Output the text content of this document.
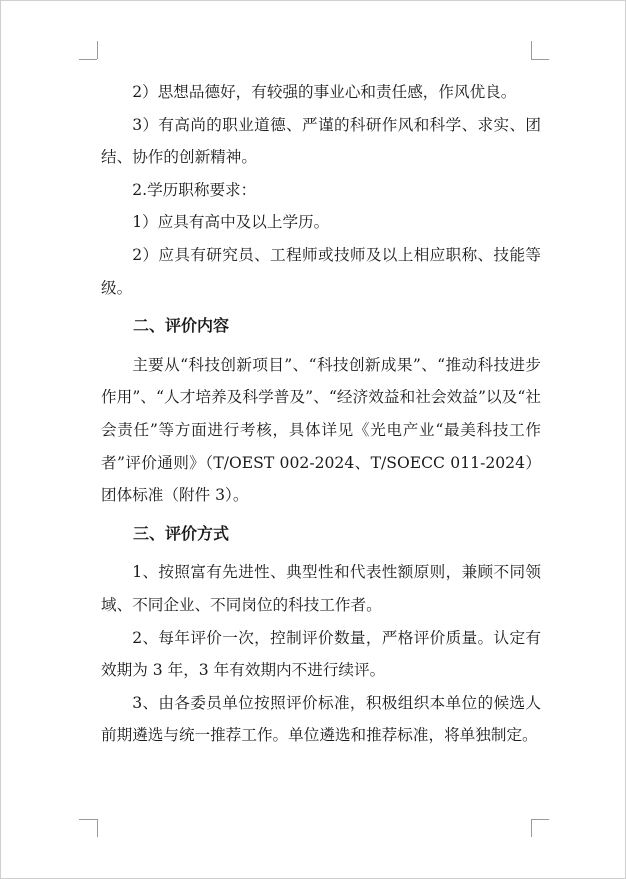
2）思想品德好，有较强的事业心和责任感，作风优良。

3）有高尚的职业道德、严谨的科研作风和科学、求实、团结、协作的创新精神。

2.学历职称要求：

1）应具有高中及以上学历。

2）应具有研究员、工程师或技师及以上相应职称、技能等级。

二、评价内容

主要从“科技创新项目”、“科技创新成果”、“推动科技进步作用”、“人才培养及科学普及”、“经济效益和社会效益”以及“社会责任”等方面进行考核，具体详见《光电产业“最美科技工作者”评价通则》（T/OEST 002-2024、T/SOECC 011-2024）团体标准（附件 3）。

三、评价方式

1、按照富有先进性、典型性和代表性额原则，兼顾不同领域、不同企业、不同岗位的科技工作者。

2、每年评价一次，控制评价数量，严格评价质量。认定有效期为 3 年，3 年有效期内不进行续评。

3、由各委员单位按照评价标准，积极组织本单位的候选人前期遴选与统一推荐工作。单位遴选和推荐标准，将单独制定。
